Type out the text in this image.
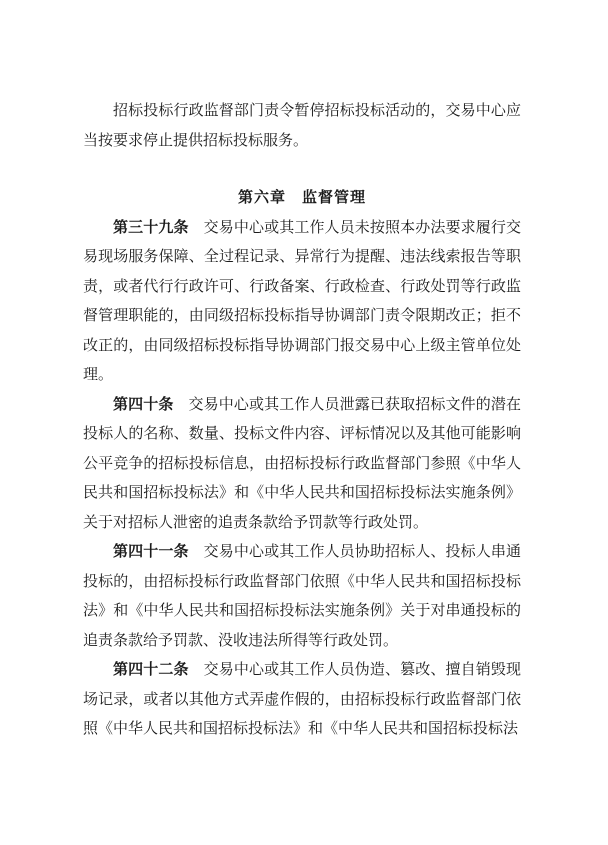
招标投标行政监督部门责令暂停招标投标活动的，交易中心应当按要求停止提供招标投标服务。

第六章　监督管理

第三十九条 交易中心或其工作人员未按照本办法要求履行交易现场服务保障、全过程记录、异常行为提醒、违法线索报告等职责，或者代行行政许可、行政备案、行政检查、行政处罚等行政监督管理职能的，由同级招标投标指导协调部门责令限期改正；拒不改正的，由同级招标投标指导协调部门报交易中心上级主管单位处理。

第四十条 交易中心或其工作人员泄露已获取招标文件的潜在投标人的名称、数量、投标文件内容、评标情况以及其他可能影响公平竞争的招标投标信息，由招标投标行政监督部门参照《中华人民共和国招标投标法》和《中华人民共和国招标投标法实施条例》关于对招标人泄密的追责条款给予罚款等行政处罚。

第四十一条 交易中心或其工作人员协助招标人、投标人串通投标的，由招标投标行政监督部门依照《中华人民共和国招标投标法》和《中华人民共和国招标投标法实施条例》关于对串通投标的追责条款给予罚款、没收违法所得等行政处罚。

第四十二条 交易中心或其工作人员伪造、篡改、擅自销毁现场记录，或者以其他方式弄虚作假的，由招标投标行政监督部门依照《中华人民共和国招标投标法》和《中华人民共和国招标投标法
